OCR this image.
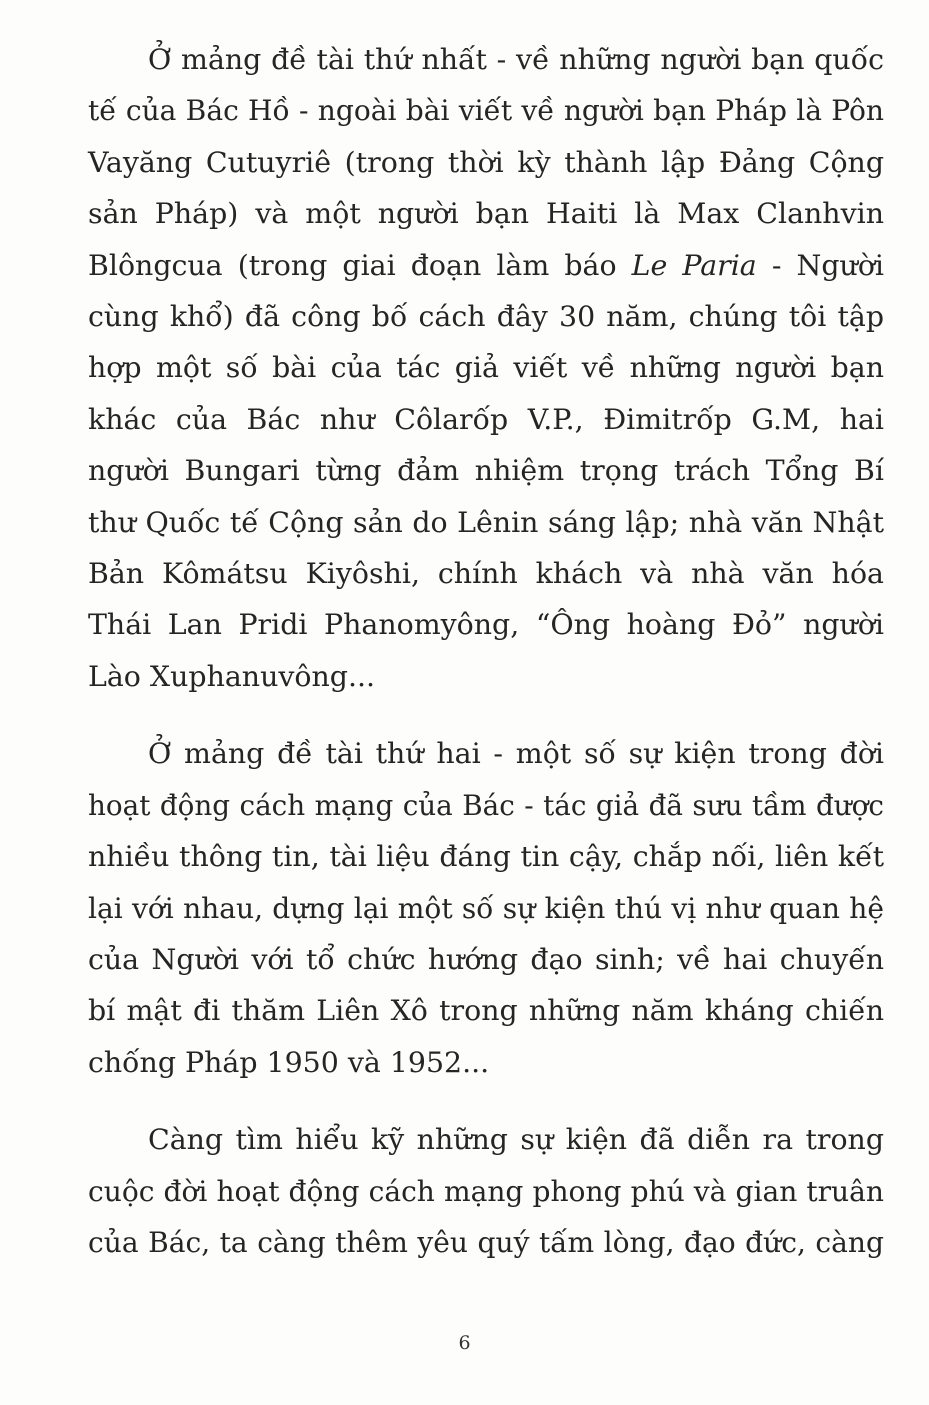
Ở mảng đề tài thứ nhất - về những người bạn quốc
tế của Bác Hồ - ngoài bài viết về người bạn Pháp là Pôn
Vayăng Cutuyriê (trong thời kỳ thành lập Đảng Cộng
sản Pháp) và một người bạn Haiti là Max Clanhvin
Blôngcua (trong giai đoạn làm báo Le Paria - Người
cùng khổ) đã công bố cách đây 30 năm, chúng tôi tập
hợp một số bài của tác giả viết về những người bạn
khác của Bác như Côlarốp V.P., Đimitrốp G.M, hai
người Bungari từng đảm nhiệm trọng trách Tổng Bí
thư Quốc tế Cộng sản do Lênin sáng lập; nhà văn Nhật
Bản Kômátsu Kiyôshi, chính khách và nhà văn hóa
Thái Lan Pridi Phanomyông, “Ông hoàng Đỏ” người
Lào Xuphanuvông...

Ở mảng đề tài thứ hai - một số sự kiện trong đời
hoạt động cách mạng của Bác - tác giả đã sưu tầm được
nhiều thông tin, tài liệu đáng tin cậy, chắp nối, liên kết
lại với nhau, dựng lại một số sự kiện thú vị như quan hệ
của Người với tổ chức hướng đạo sinh; về hai chuyến
bí mật đi thăm Liên Xô trong những năm kháng chiến
chống Pháp 1950 và 1952...

Càng tìm hiểu kỹ những sự kiện đã diễn ra trong
cuộc đời hoạt động cách mạng phong phú và gian truân
của Bác, ta càng thêm yêu quý tấm lòng, đạo đức, càng

6
